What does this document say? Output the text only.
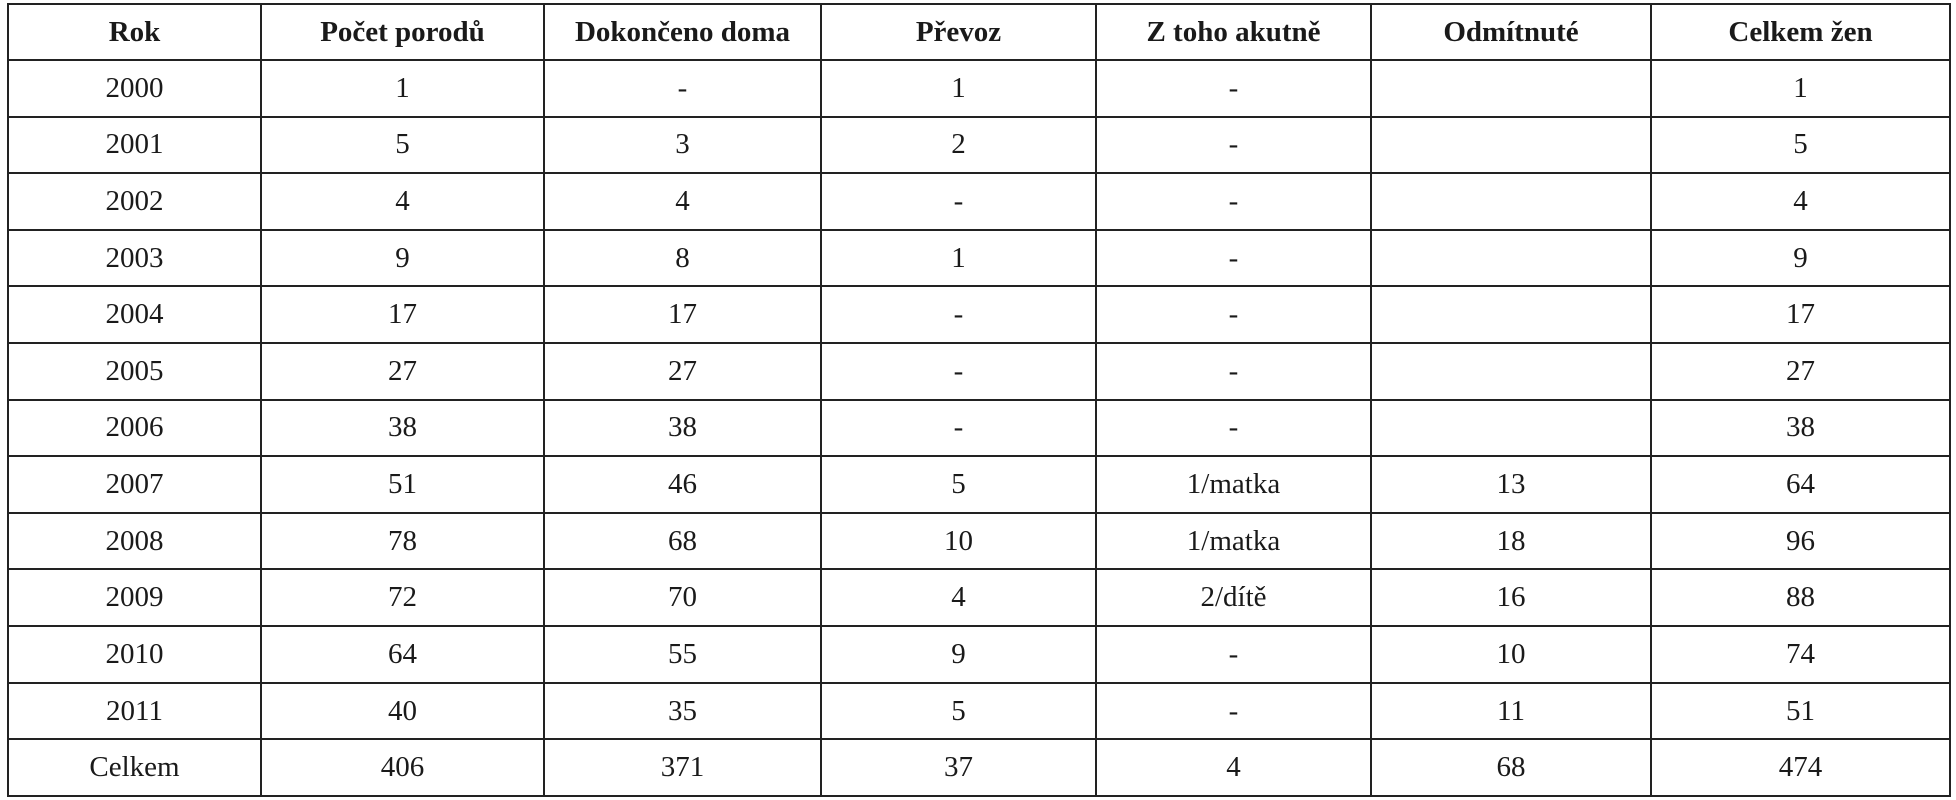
Rok	Počet porodů	Dokončeno doma	Převoz	Z toho akutně	Odmítnuté	Celkem žen
2000	1	-	1	-		1
2001	5	3	2	-		5
2002	4	4	-	-		4
2003	9	8	1	-		9
2004	17	17	-	-		17
2005	27	27	-	-		27
2006	38	38	-	-		38
2007	51	46	5	1/matka	13	64
2008	78	68	10	1/matka	18	96
2009	72	70	4	2/dítě	16	88
2010	64	55	9	-	10	74
2011	40	35	5	-	11	51
Celkem	406	371	37	4	68	474
